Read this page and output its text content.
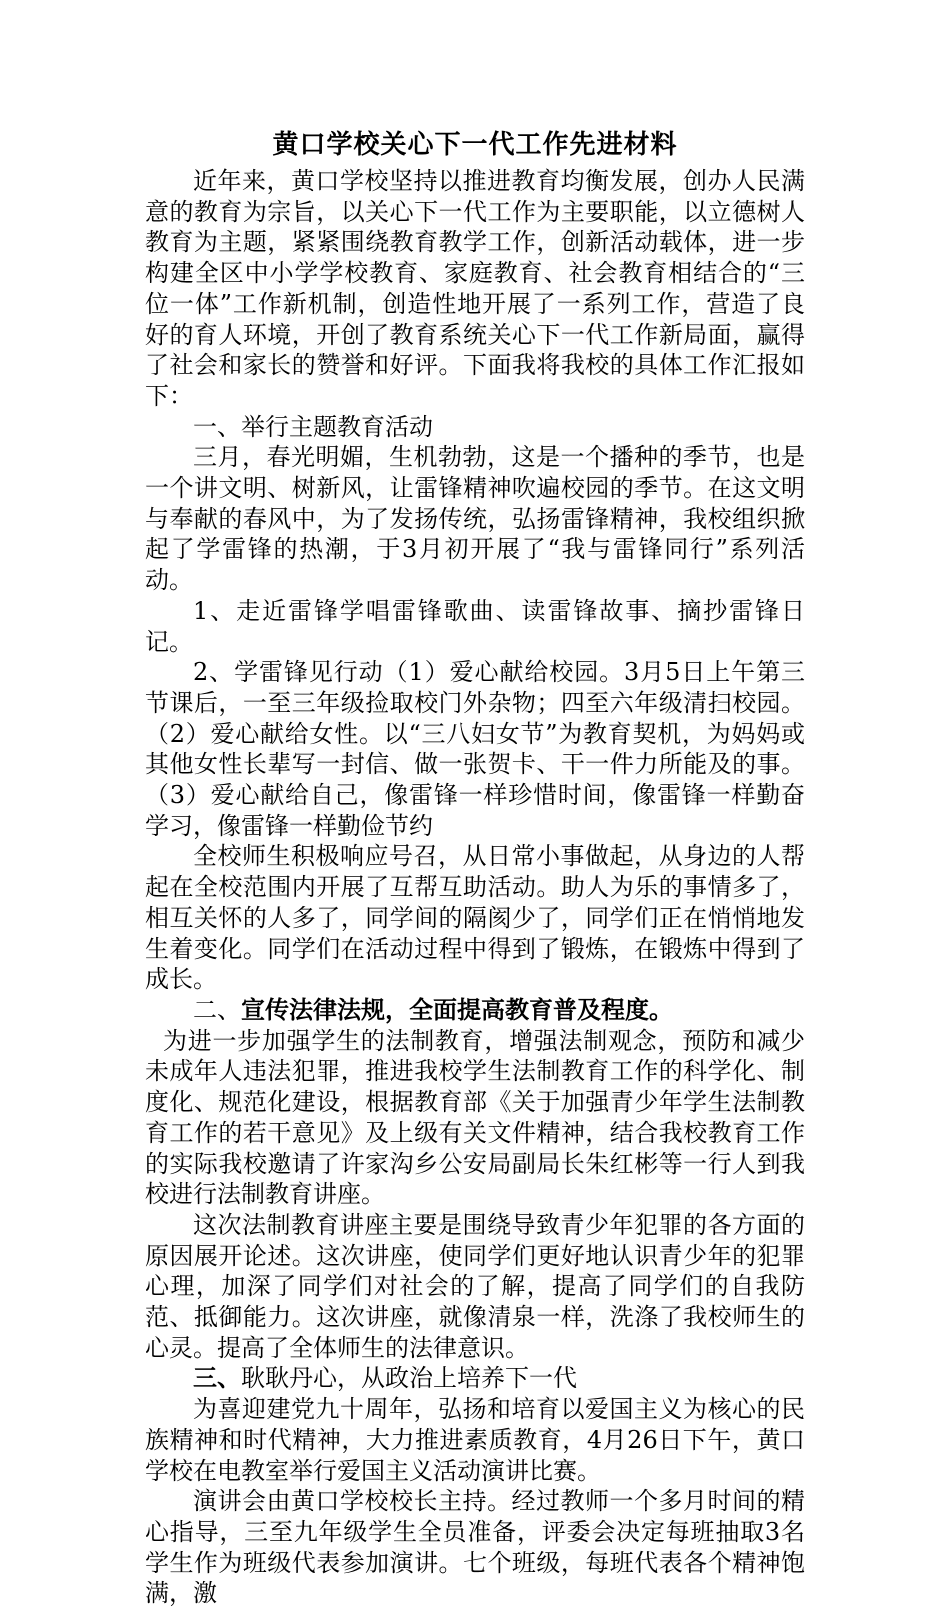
黄口学校关心下一代工作先进材料

近年来，黄口学校坚持以推进教育均衡发展，创办人民满意的教育为宗旨，以关心下一代工作为主要职能，以立德树人教育为主题，紧紧围绕教育教学工作，创新活动载体，进一步构建全区中小学学校教育、家庭教育、社会教育相结合的“三位一体”工作新机制，创造性地开展了一系列工作，营造了良好的育人环境，开创了教育系统关心下一代工作新局面，赢得了社会和家长的赞誉和好评。下面我将我校的具体工作汇报如下：

一、举行主题教育活动

三月，春光明媚，生机勃勃，这是一个播种的季节，也是一个讲文明、树新风，让雷锋精神吹遍校园的季节。在这文明与奉献的春风中，为了发扬传统，弘扬雷锋精神，我校组织掀起了学雷锋的热潮，于3月初开展了“我与雷锋同行”系列活动。

1、走近雷锋学唱雷锋歌曲、读雷锋故事、摘抄雷锋日记。

2、学雷锋见行动（1）爱心献给校园。3月5日上午第三节课后，一至三年级捡取校门外杂物；四至六年级清扫校园。（2）爱心献给女性。以“三八妇女节”为教育契机，为妈妈或其他女性长辈写一封信、做一张贺卡、干一件力所能及的事。（3）爱心献给自己，像雷锋一样珍惜时间，像雷锋一样勤奋学习，像雷锋一样勤俭节约

全校师生积极响应号召，从日常小事做起，从身边的人帮起在全校范围内开展了互帮互助活动。助人为乐的事情多了，相互关怀的人多了，同学间的隔阂少了，同学们正在悄悄地发生着变化。同学们在活动过程中得到了锻炼，在锻炼中得到了成长。

二、宣传法律法规，全面提高教育普及程度。

为进一步加强学生的法制教育，增强法制观念，预防和减少未成年人违法犯罪，推进我校学生法制教育工作的科学化、制度化、规范化建设，根据教育部《关于加强青少年学生法制教育工作的若干意见》及上级有关文件精神，结合我校教育工作的实际我校邀请了许家沟乡公安局副局长朱红彬等一行人到我校进行法制教育讲座。

这次法制教育讲座主要是围绕导致青少年犯罪的各方面的原因展开论述。这次讲座，使同学们更好地认识青少年的犯罪心理，加深了同学们对社会的了解，提高了同学们的自我防范、抵御能力。这次讲座，就像清泉一样，洗涤了我校师生的心灵。提高了全体师生的法律意识。

三、耿耿丹心，从政治上培养下一代

为喜迎建党九十周年，弘扬和培育以爱国主义为核心的民族精神和时代精神，大力推进素质教育，4月26日下午，黄口学校在电教室举行爱国主义活动演讲比赛。

演讲会由黄口学校校长主持。经过教师一个多月时间的精心指导，三至九年级学生全员准备，评委会决定每班抽取3名学生作为班级代表参加演讲。七个班级，每班代表各个精神饱满，激
